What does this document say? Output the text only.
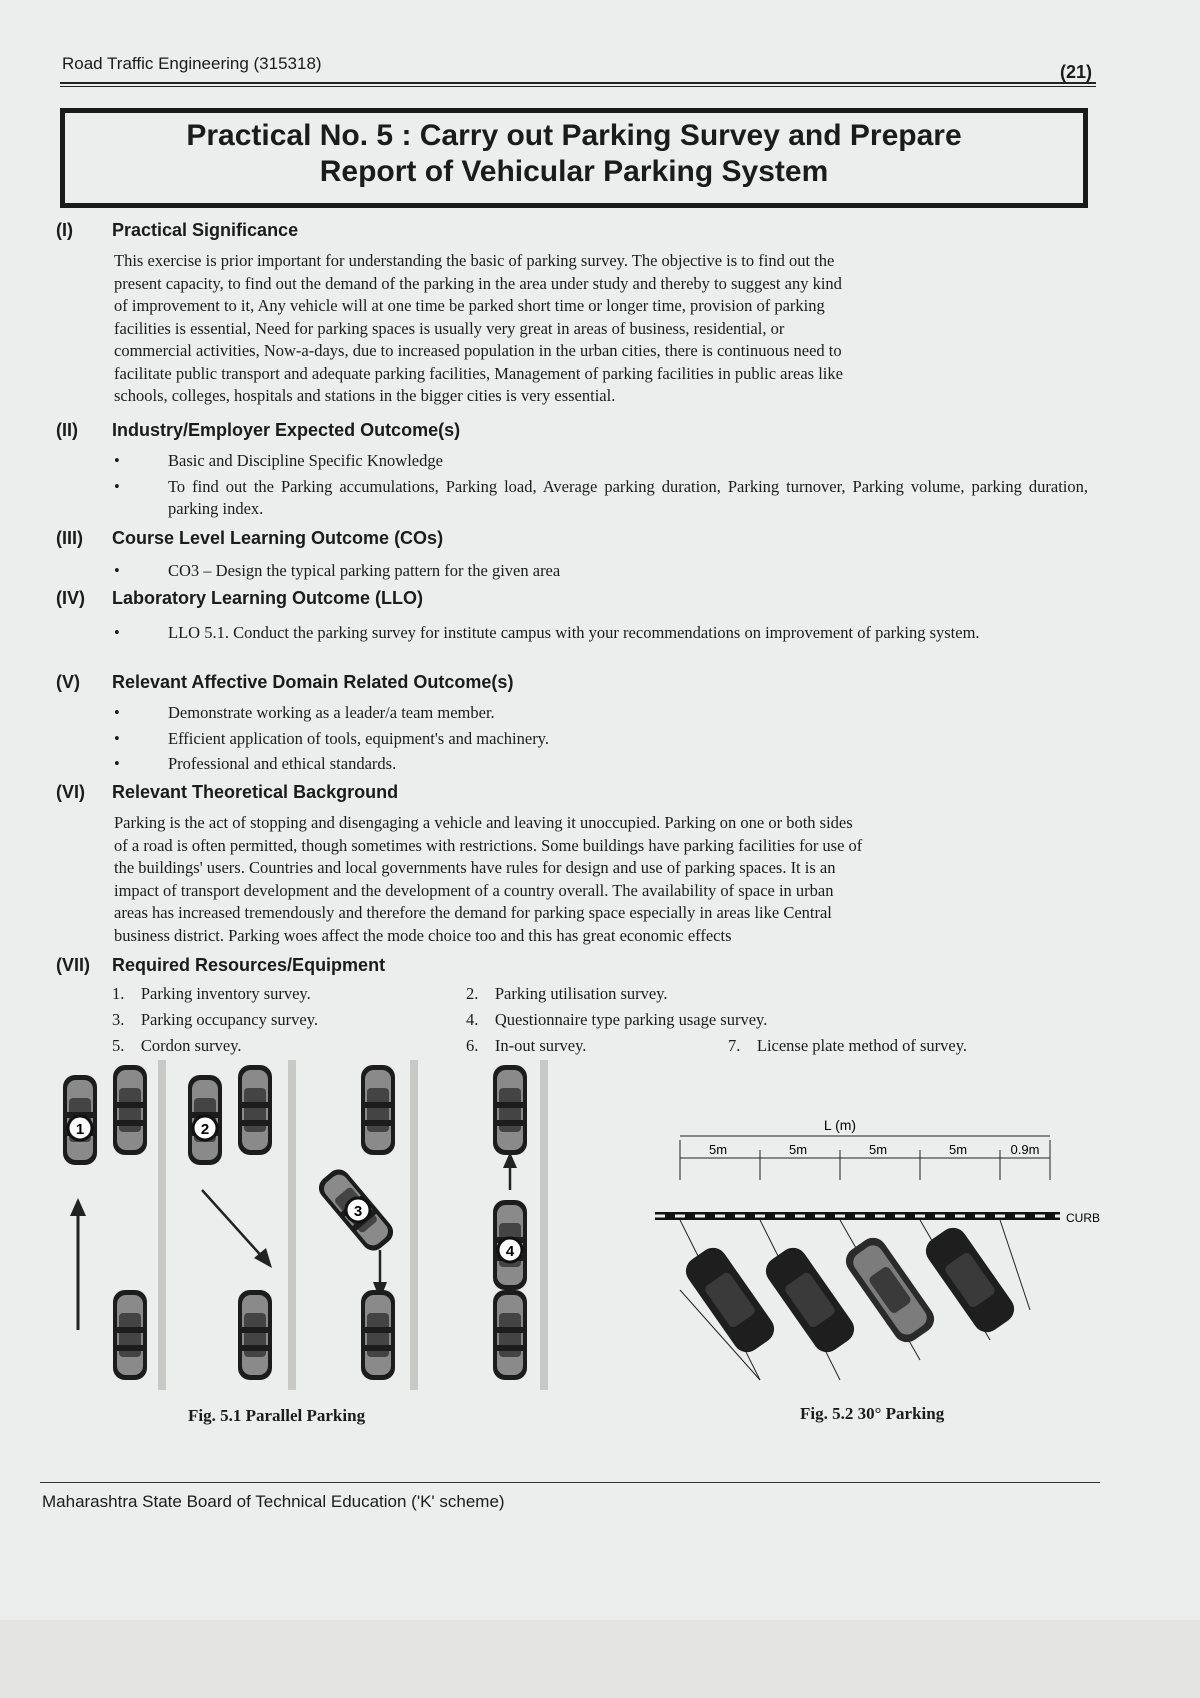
Road Traffic Engineering (315318)	(21)
Practical No. 5 : Carry out Parking Survey and Prepare
Report of Vehicular Parking System
(I) Practical Significance
This exercise is prior important for understanding the basic of parking survey. The objective is to find out the
present capacity, to find out the demand of the parking in the area under study and thereby to suggest any kind
of improvement to it, Any vehicle will at one time be parked short time or longer time, provision of parking
facilities is essential, Need for parking spaces is usually very great in areas of business, residential, or
commercial activities, Now-a-days, due to increased population in the urban cities, there is continuous need to
facilitate public transport and adequate parking facilities, Management of parking facilities in public areas like
schools, colleges, hospitals and stations in the bigger cities is very essential.
(II) Industry/Employer Expected Outcome(s)
•	Basic and Discipline Specific Knowledge
•	To find out the Parking accumulations, Parking load, Average parking duration, Parking turnover, Parking volume, parking duration, parking index.
(III) Course Level Learning Outcome (COs)
•	CO3 – Design the typical parking pattern for the given area
(IV) Laboratory Learning Outcome (LLO)
•	LLO 5.1. Conduct the parking survey for institute campus with your recommendations on improvement of parking system.
(V) Relevant Affective Domain Related Outcome(s)
•	Demonstrate working as a leader/a team member.
•	Efficient application of tools, equipment's and machinery.
•	Professional and ethical standards.
(VI) Relevant Theoretical Background
Parking is the act of stopping and disengaging a vehicle and leaving it unoccupied. Parking on one or both sides
of a road is often permitted, though sometimes with restrictions. Some buildings have parking facilities for use of
the buildings' users. Countries and local governments have rules for design and use of parking spaces. It is an
impact of transport development and the development of a country overall. The availability of space in urban
areas has increased tremendously and therefore the demand for parking space especially in areas like Central
business district. Parking woes affect the mode choice too and this has great economic effects
(VII) Required Resources/Equipment
1. Parking inventory survey.	2. Parking utilisation survey.
3. Parking occupancy survey.	4. Questionnaire type parking usage survey.
5. Cordon survey.	6. In-out survey.	7. License plate method of survey.
1	2
3
4
Fig. 5.1 Parallel Parking
L (m)
5m	5m	5m	5m	0.9m
CURB
Fig. 5.2 30° Parking
Maharashtra State Board of Technical Education ('K' scheme)
